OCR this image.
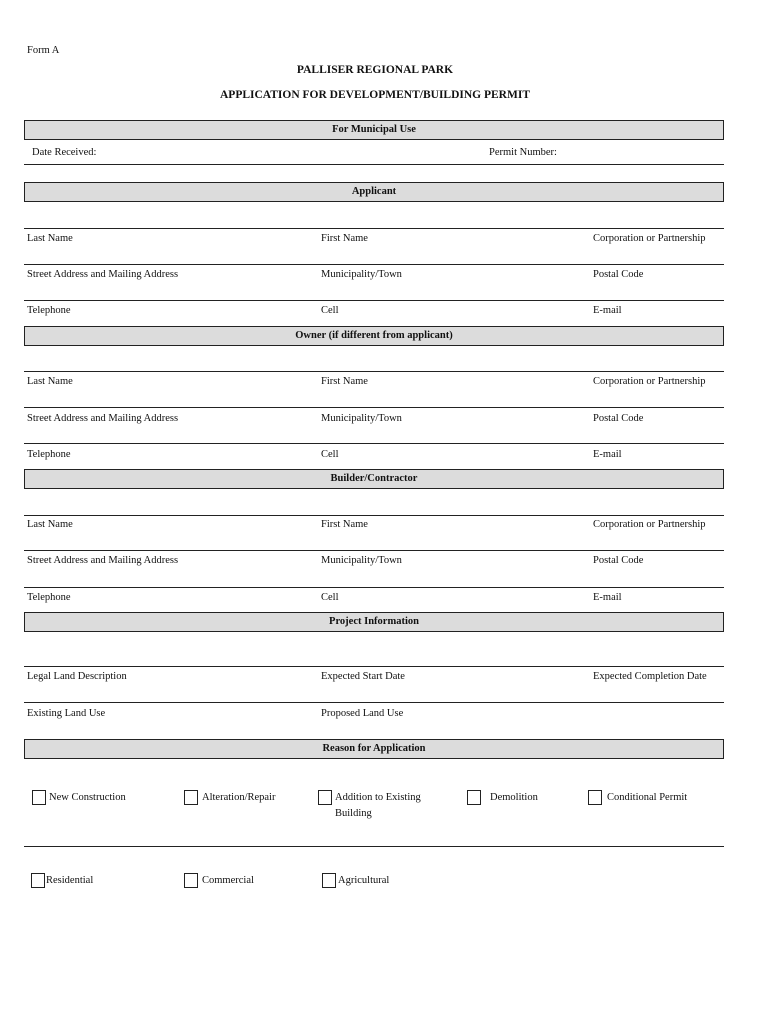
Form A
PALLISER REGIONAL PARK
APPLICATION FOR DEVELOPMENT/BUILDING PERMIT
For Municipal Use
Date Received:	Permit Number:
Applicant
Last Name	First Name	Corporation or Partnership
Street Address and Mailing Address	Municipality/Town	Postal Code
Telephone	Cell	E-mail
Owner (if different from applicant)
Last Name	First Name	Corporation or Partnership
Street Address and Mailing Address	Municipality/Town	Postal Code
Telephone	Cell	E-mail
Builder/Contractor
Last Name	First Name	Corporation or Partnership
Street Address and Mailing Address	Municipality/Town	Postal Code
Telephone	Cell	E-mail
Project Information
Legal Land Description	Expected Start Date	Expected Completion Date
Existing Land Use	Proposed Land Use
Reason for Application
New Construction	Alteration/Repair	Addition to Existing
Building
Demolition	Conditional Permit
Residential	Commercial	Agricultural
